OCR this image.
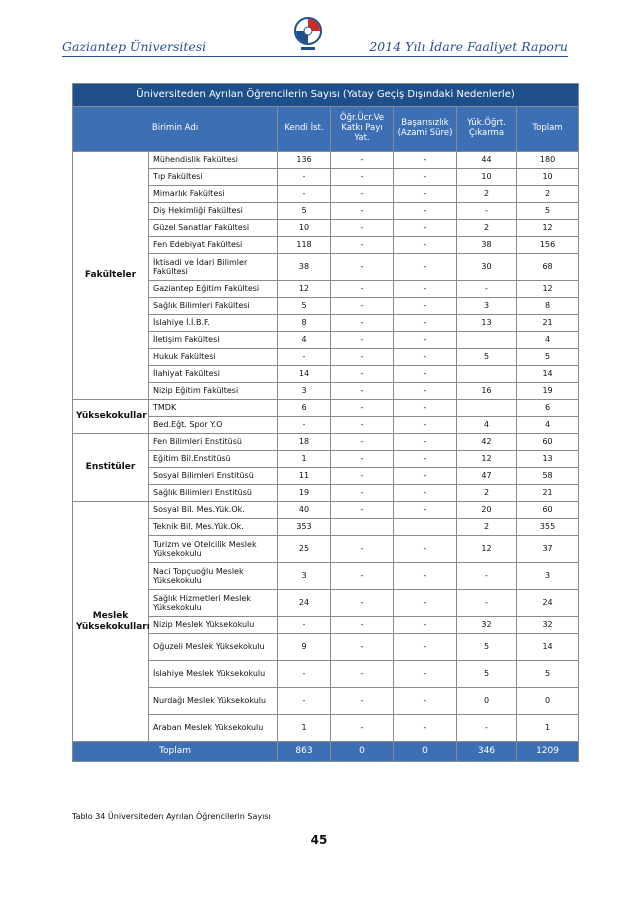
Gaziantep Üniversitesi	2014 Yılı İdare Faaliyet Raporu
Üniversiteden Ayrılan Öğrencilerin Sayısı (Yatay Geçiş Dışındaki Nedenlerle)						
Birimin Adı		Kendi İst.	Öğr.Ücr.Ve Katkı Payı Yat.	Başarısızlık (Azami Süre)	Yük.Öğrt. Çıkarma	Toplam
Fakülteler	Mühendislik Fakültesi	136	-	-	44	180
	Tıp Fakültesi	-	-	-	10	10
	Mimarlık Fakültesi	-	-	-	2	2
	Diş Hekimliği Fakültesi	5	-	-	-	5
	Güzel Sanatlar Fakültesi	10	-	-	2	12
	Fen Edebiyat Fakültesi	118	-	-	38	156
	İktisadi ve İdari Bilimler Fakültesi	38	-	-	30	68
	Gaziantep Eğitim Fakültesi	12	-	-	-	12
	Sağlık Bilimleri Fakültesi	5	-	-	3	8
	İslahiye İ.İ.B.F.	8	-	-	13	21
	İletişim Fakültesi	4	-	-		4
	Hukuk Fakültesi	-	-	-	5	5
	İlahiyat Fakültesi	14	-	-		14
	Nizip Eğitim Fakültesi	3	-	-	16	19
Yüksekokullar	TMDK	6	-	-		6
	Bed.Eğt. Spor Y.O	-	-	-	4	4
Enstitüler	Fen Bilimleri Enstitüsü	18	-	-	42	60
	Eğitim Bil.Enstitüsü	1	-	-	12	13
	Sosyal Bilimleri Enstitüsü	11	-	-	47	58
	Sağlık Bilimleri Enstitüsü	19	-	-	2	21
Meslek Yüksekokulları	Sosyal Bil. Mes.Yük.Ok.	40	-	-	20	60
	Teknik Bil. Mes.Yük.Ok.	353			2	355
	Turizm ve Otelcilik Meslek Yüksekokulu	25	-	-	12	37
	Naci Topçuoğlu Meslek Yüksekokulu	3	-	-	-	3
	Sağlık Hizmetleri Meslek Yüksekokulu	24	-	-	-	24
	Nizip Meslek Yüksekokulu	-	-	-	32	32
	Oğuzeli Meslek Yüksekokulu	9	-	-	5	14
	İslahiye Meslek Yüksekokulu	-	-	-	5	5
	Nurdağı Meslek Yüksekokulu	-	-	-	0	0
	Araban Meslek Yüksekokulu	1	-	-	-	1
Toplam		863	0	0	346	1209
Tablo 34 Üniversiteden Ayrılan Öğrencilerin Sayısı
45
